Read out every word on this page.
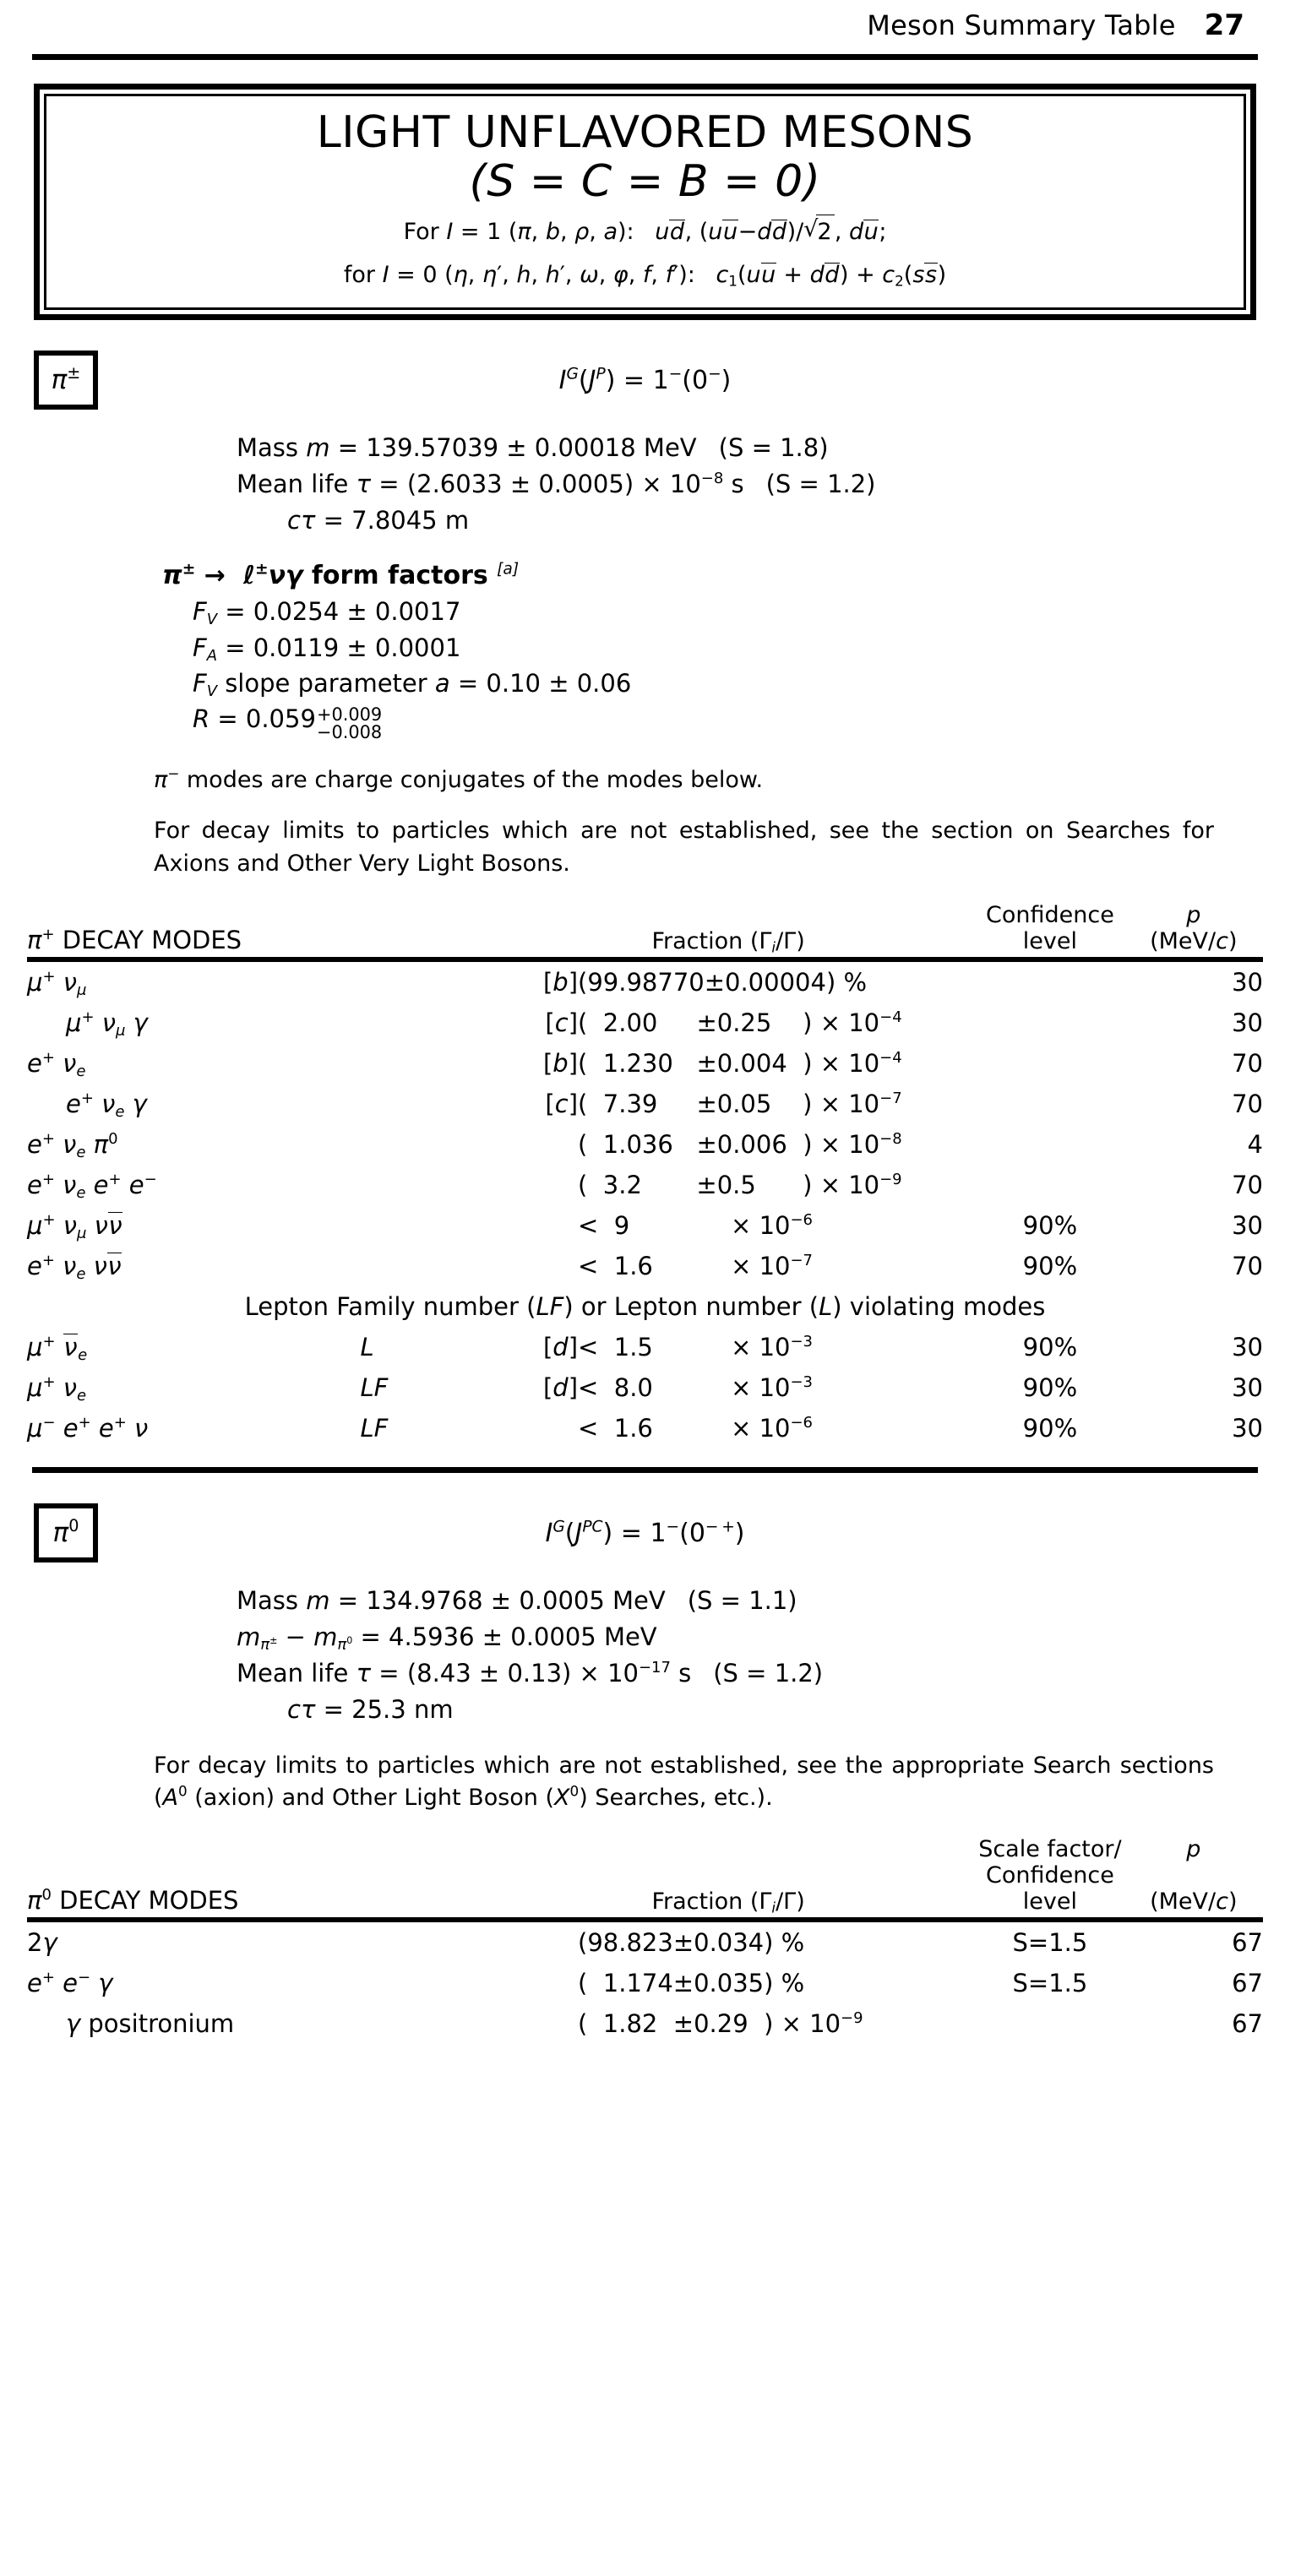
Meson Summary Table 27
LIGHT UNFLAVORED MESONS
(S = C = B = 0)
For I = 1 (π, b, ρ, a): ud, (uu−dd)/ √ 2 , du;
for I = 0 (η, η′, h, h′, ω, φ, f, f′): $c_1(uu + dd) + c_2(ss)$
π±	$I^G(J^P) = 1^-(0^-)$
Mass m = 139.57039 ± 0.00018 MeV (S = 1.8)
Mean life $\tau = (2.6033 \pm 0.0005) \times 10^{-8}$ s (S = 1.2)
cτ = 7.8045 m
π± →  ℓ±νγ form factors [a]
$F_V = 0.0254 \pm 0.0017$
$F_A = 0.0119 \pm 0.0001$
$F_V$ slope parameter a = 0.10 ± 0.06
R = 0.059 +0.009
−0.008
π− modes are charge conjugates of the modes below.
For decay limits to particles which are not established, see the section on Searches for Axions and Other Very Light Bosons.
π+ DECAY MODES		Fraction $(\Gamma_i/\Gamma)$		Confidence level	p
(MeV/c)

μ+ $\nu_\mu$		[b]	(99.98770±0.00004) %		30
μ+ $\nu_\mu$ γ		[c]	(  2.00     ±0.25    ) × $10^{-4}$		30
e+ $\nu_e$		[b]	(  1.230   ±0.004  ) × $10^{-4}$		70
e+ $\nu_e$ γ		[c]	(  7.39     ±0.05    ) × $10^{-7}$		70
e+ $\nu_e$ $\pi^0$			(  1.036   ±0.006  ) × $10^{-8}$		4
e+ $\nu_e$ e+ e−			(  3.2       ±0.5      ) × $10^{-9}$		70
μ+ $\nu_\mu$ νν			<  9             × $10^{-6}$	90%	30
e+ $\nu_e$ νν			<  1.6          × $10^{-7}$	90%	70
Lepton Family number (LF) or Lepton number (L) violating modes					
μ+ $\nu_e$	L	[d]	<  1.5          × $10^{-3}$	90%	30
μ+ $\nu_e$	LF	[d]	<  8.0          × $10^{-3}$	90%	30
μ− e+ e+ ν	LF		<  1.6          × $10^{-6}$	90%	30
$\pi^0$	$I^G(J^{PC}) = 1^-(0^{- +})$
Mass m = 134.9768 ± 0.0005 MeV (S = 1.1)
$m_{\pi^\pm} - m_{\pi^0} = 4.5936 \pm 0.0005$ MeV
Mean life $\tau = (8.43 \pm 0.13) \times 10^{-17}$ s (S = 1.2)
cτ = 25.3 nm
For decay limits to particles which are not established, see the appropriate Search sections ($A^0$ (axion) and Other Light Boson $(X^0)$ Searches, etc.).
				Scale factor/	p
$\pi^0$ DECAY MODES		Fraction $(\Gamma_i/\Gamma)$		Confidence level	(MeV/c)

2γ			(98.823±0.034) %	S=1.5	67
e+ e− γ			(  1.174±0.035) %	S=1.5	67
γ positronium			(  1.82  ±0.29  ) × $10^{-9}$		67
